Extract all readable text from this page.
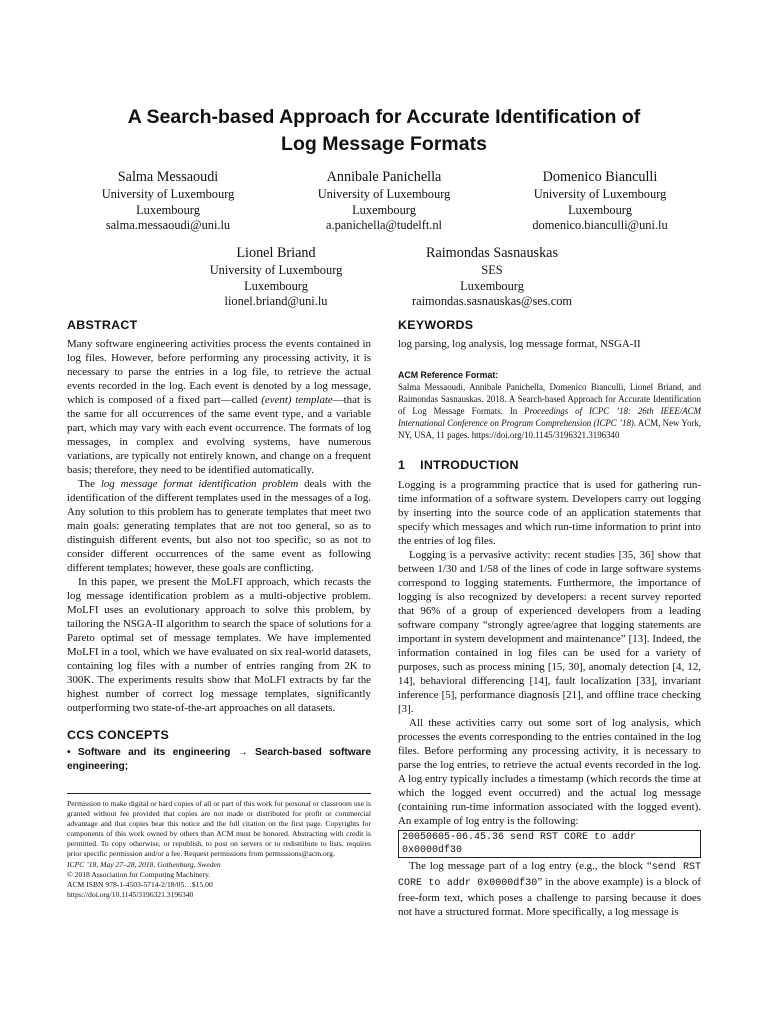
A Search-based Approach for Accurate Identification of
Log Message Formats
Salma Messaoudi
University of Luxembourg
Luxembourg
salma.messaoudi@uni.lu
Annibale Panichella
University of Luxembourg
Luxembourg
a.panichella@tudelft.nl
Domenico Bianculli
University of Luxembourg
Luxembourg
domenico.bianculli@uni.lu
Lionel Briand
University of Luxembourg
Luxembourg
lionel.briand@uni.lu
Raimondas Sasnauskas
SES
Luxembourg
raimondas.sasnauskas@ses.com
ABSTRACT

Many software engineering activities process the events contained in log files. However, before performing any processing activity, it is necessary to parse the entries in a log file, to retrieve the actual events recorded in the log. Each event is denoted by a log message, which is composed of a fixed part—called (event) template—that is the same for all occurrences of the same event type, and a variable part, which may vary with each event occurrence. The formats of log messages, in complex and evolving systems, have numerous variations, are typically not entirely known, and change on a frequent basis; therefore, they need to be identified automatically.

The log message format identification problem deals with the identification of the different templates used in the messages of a log. Any solution to this problem has to generate templates that meet two main goals: generating templates that are not too general, so as to distinguish different events, but also not too specific, so as not to consider different occurrences of the same event as following different templates; however, these goals are conflicting.

In this paper, we present the MoLFI approach, which recasts the log message identification problem as a multi-objective problem. MoLFI uses an evolutionary approach to solve this problem, by tailoring the NSGA-II algorithm to search the space of solutions for a Pareto optimal set of message templates. We have implemented MoLFI in a tool, which we have evaluated on six real-world datasets, containing log files with a number of entries ranging from 2K to 300K. The experiments results show that MoLFI extracts by far the highest number of correct log message templates, significantly outperforming two state-of-the-art approaches on all datasets.

CCS CONCEPTS

• Software and its engineering → Search-based software engineering;

Permission to make digital or hard copies of all or part of this work for personal or classroom use is granted without fee provided that copies are not made or distributed for profit or commercial advantage and that copies bear this notice and the full citation on the first page. Copyrights for components of this work owned by others than ACM must be honored. Abstracting with credit is permitted. To copy otherwise, or republish, to post on servers or to redistribute to lists, requires prior specific permission and/or a fee. Request permissions from permissions@acm.org.
ICPC ’18, May 27–28, 2018, Gothenburg, Sweden
© 2018 Association for Computing Machinery.
ACM ISBN 978-1-4503-5714-2/18/05…$15.00
https://doi.org/10.1145/3196321.3196340
KEYWORDS
log parsing, log analysis, log message format, NSGA-II
ACM Reference Format:

Salma Messaoudi, Annibale Panichella, Domenico Bianculli, Lionel Briand, and Raimondas Sasnauskas. 2018. A Search-based Approach for Accurate Identification of Log Message Formats. In Proceedings of ICPC ’18: 26th IEEE/ACM International Conference on Program Comprehension (ICPC ’18). ACM, New York, NY, USA, 11 pages. https://doi.org/10.1145/3196321.3196340

1    INTRODUCTION

Logging is a programming practice that is used for gathering run-time information of a software system. Developers carry out logging by inserting into the source code of an application statements that specify which messages and which run-time information to print into the entries of log files.

Logging is a pervasive activity: recent studies [35, 36] show that between 1/30 and 1/58 of the lines of code in large software systems correspond to logging statements. Furthermore, the importance of logging is also recognized by developers: a recent survey reported that 96% of a group of experienced developers from a leading software company “strongly agree/agree that logging statements are important in system development and maintenance” [13]. Indeed, the information contained in log files can be used for a variety of purposes, such as process mining [15, 30], anomaly detection [4, 12, 14], behavioral differencing [14], fault localization [33], invariant inference [5], performance diagnosis [21], and offline trace checking [3].

All these activities carry out some sort of log analysis, which processes the events corresponding to the entries contained in the log files. Before performing any processing activity, it is necessary to parse the log entries, to retrieve the actual events recorded in the log. A log entry typically includes a timestamp (which records the time at which the logged event occurred) and the actual log message (containing run-time information associated with the logged event). An example of log entry is the following:

20050605-06.45.36 send RST CORE to addr 0x0000df30

The log message part of a log entry (e.g., the block “send RST CORE to addr 0x0000df30” in the above example) is a block of free-form text, which poses a challenge to parsing because it does not have a structured format. More specifically, a log message is
